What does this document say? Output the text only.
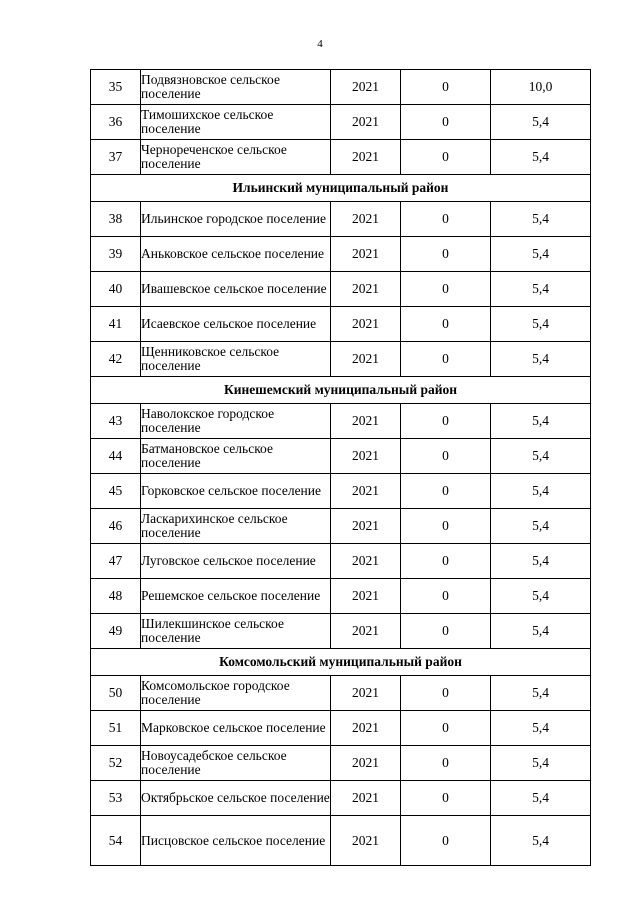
4
35	Подвязновское сельское поселение	2021	0	10,0
36	Тимошихское сельское поселение	2021	0	5,4
37	Чернореченское сельское поселение	2021	0	5,4
Ильинский муниципальный район				
38	Ильинское городское поселение	2021	0	5,4
39	Аньковское сельское поселение	2021	0	5,4
40	Ивашевское сельское поселение	2021	0	5,4
41	Исаевское сельское поселение	2021	0	5,4
42	Щенниковское сельское поселение	2021	0	5,4
Кинешемский муниципальный район				
43	Наволокское городское поселение	2021	0	5,4
44	Батмановское сельское поселение	2021	0	5,4
45	Горковское сельское поселение	2021	0	5,4
46	Ласкарихинское сельское поселение	2021	0	5,4
47	Луговское сельское поселение	2021	0	5,4
48	Решемское сельское поселение	2021	0	5,4
49	Шилекшинское сельское поселение	2021	0	5,4
Комсомольский муниципальный район				
50	Комсомольское городское поселение	2021	0	5,4
51	Марковское сельское поселение	2021	0	5,4
52	Новоусадебское сельское поселение	2021	0	5,4
53	Октябрьское сельское поселение	2021	0	5,4
54	Писцовское сельское поселение	2021	0	5,4
